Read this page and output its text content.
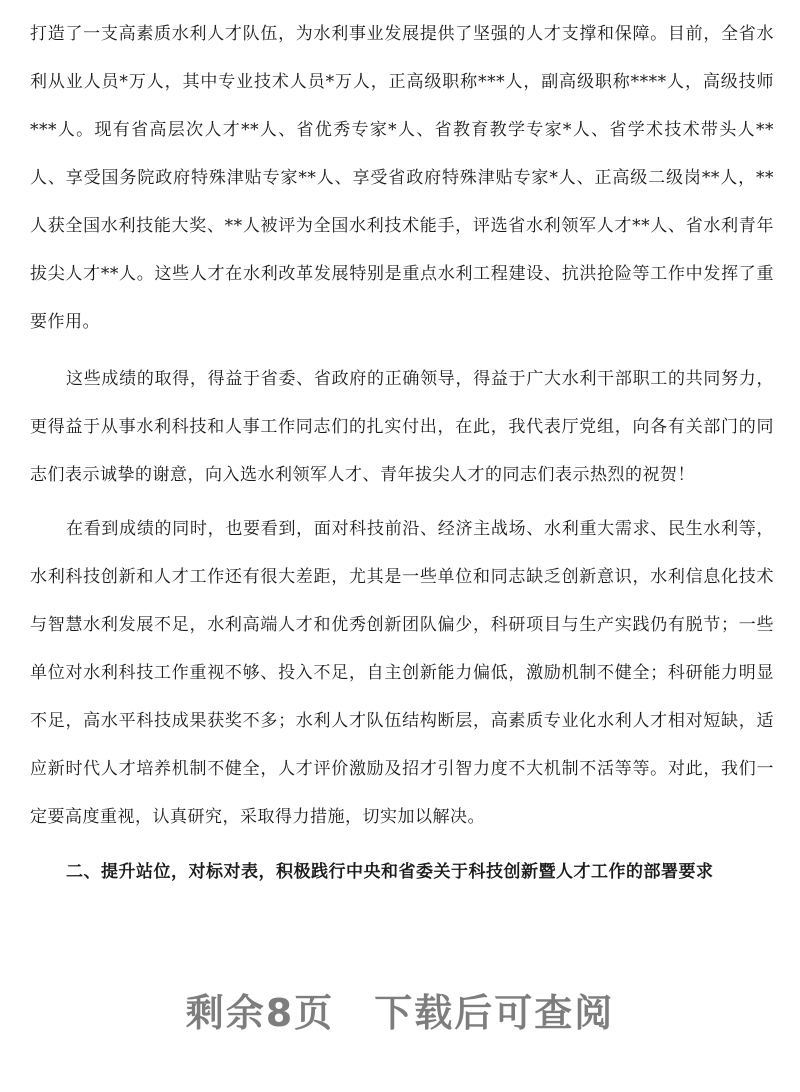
打造了一支高素质水利人才队伍，为水利事业发展提供了坚强的人才支撑和保障。目前，全省水利从业人员*万人，其中专业技术人员*万人，正高级职称***人，副高级职称****人，高级技师***人。现有省高层次人才**人、省优秀专家*人、省教育教学专家*人、省学术技术带头人**人、享受国务院政府特殊津贴专家**人、享受省政府特殊津贴专家*人、正高级二级岗**人，**人获全国水利技能大奖、**人被评为全国水利技术能手，评选省水利领军人才**人、省水利青年拔尖人才**人。这些人才在水利改革发展特别是重点水利工程建设、抗洪抢险等工作中发挥了重要作用。

这些成绩的取得，得益于省委、省政府的正确领导，得益于广大水利干部职工的共同努力，更得益于从事水利科技和人事工作同志们的扎实付出，在此，我代表厅党组，向各有关部门的同志们表示诚挚的谢意，向入选水利领军人才、青年拔尖人才的同志们表示热烈的祝贺！

在看到成绩的同时，也要看到，面对科技前沿、经济主战场、水利重大需求、民生水利等，水利科技创新和人才工作还有很大差距，尤其是一些单位和同志缺乏创新意识，水利信息化技术与智慧水利发展不足，水利高端人才和优秀创新团队偏少，科研项目与生产实践仍有脱节；一些单位对水利科技工作重视不够、投入不足，自主创新能力偏低，激励机制不健全；科研能力明显不足，高水平科技成果获奖不多；水利人才队伍结构断层，高素质专业化水利人才相对短缺，适应新时代人才培养机制不健全，人才评价激励及招才引智力度不大机制不活等等。对此，我们一定要高度重视，认真研究，采取得力措施，切实加以解决。

二、提升站位，对标对表，积极践行中央和省委关于科技创新暨人才工作的部署要求

剩余8页　下载后可查阅
